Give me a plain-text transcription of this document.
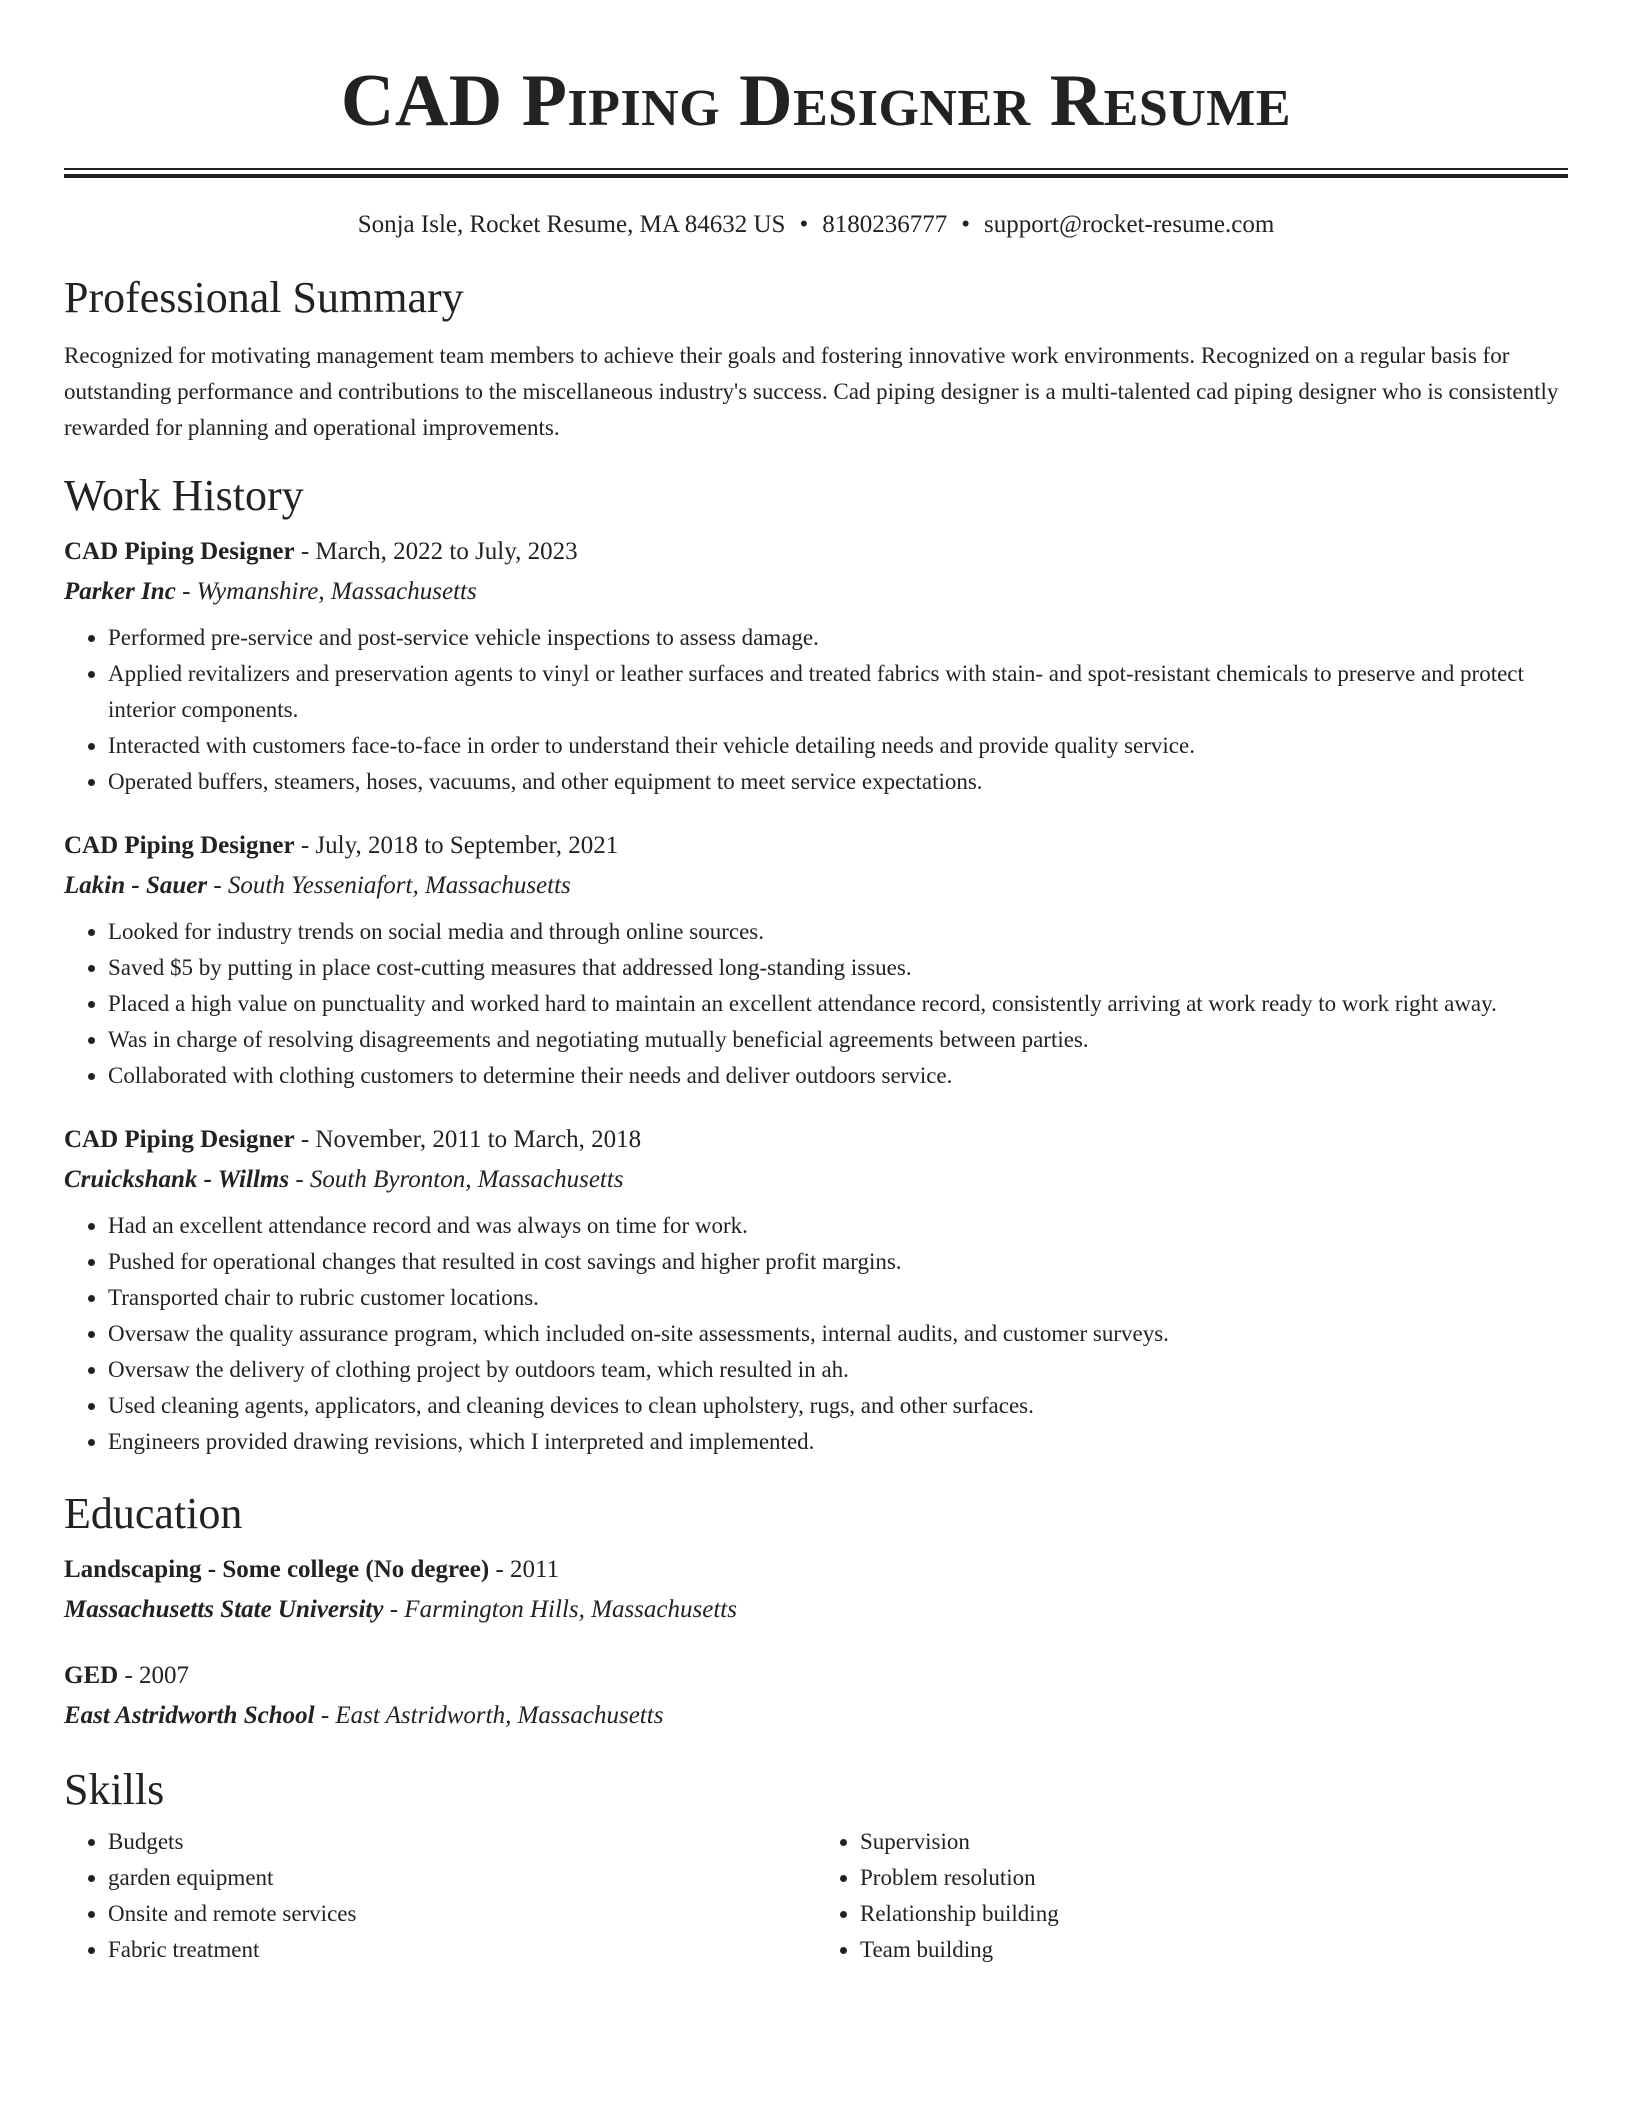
CAD Piping Designer Resume
Sonja Isle, Rocket Resume, MA 84632 US • 8180236777 • support@rocket-resume.com
Professional Summary
Recognized for motivating management team members to achieve their goals and fostering innovative work environments. Recognized on a regular basis for outstanding performance and contributions to the miscellaneous industry's success. Cad piping designer is a multi-talented cad piping designer who is consistently rewarded for planning and operational improvements.
Work History
CAD Piping Designer - March, 2022 to July, 2023
Parker Inc - Wymanshire, Massachusetts
• Performed pre-service and post-service vehicle inspections to assess damage.
• Applied revitalizers and preservation agents to vinyl or leather surfaces and treated fabrics with stain- and spot-resistant chemicals to preserve and protect interior components.
• Interacted with customers face-to-face in order to understand their vehicle detailing needs and provide quality service.
• Operated buffers, steamers, hoses, vacuums, and other equipment to meet service expectations.
CAD Piping Designer - July, 2018 to September, 2021
Lakin - Sauer - South Yesseniafort, Massachusetts
• Looked for industry trends on social media and through online sources.
• Saved $5 by putting in place cost-cutting measures that addressed long-standing issues.
• Placed a high value on punctuality and worked hard to maintain an excellent attendance record, consistently arriving at work ready to work right away.
• Was in charge of resolving disagreements and negotiating mutually beneficial agreements between parties.
• Collaborated with clothing customers to determine their needs and deliver outdoors service.
CAD Piping Designer - November, 2011 to March, 2018
Cruickshank - Willms - South Byronton, Massachusetts
• Had an excellent attendance record and was always on time for work.
• Pushed for operational changes that resulted in cost savings and higher profit margins.
• Transported chair to rubric customer locations.
• Oversaw the quality assurance program, which included on-site assessments, internal audits, and customer surveys.
• Oversaw the delivery of clothing project by outdoors team, which resulted in ah.
• Used cleaning agents, applicators, and cleaning devices to clean upholstery, rugs, and other surfaces.
• Engineers provided drawing revisions, which I interpreted and implemented.
Education
Landscaping - Some college (No degree) - 2011
Massachusetts State University - Farmington Hills, Massachusetts
GED - 2007
East Astridworth School - East Astridworth, Massachusetts
Skills
• Budgets
• garden equipment
• Onsite and remote services
• Fabric treatment
• Supervision
• Problem resolution
• Relationship building
• Team building
